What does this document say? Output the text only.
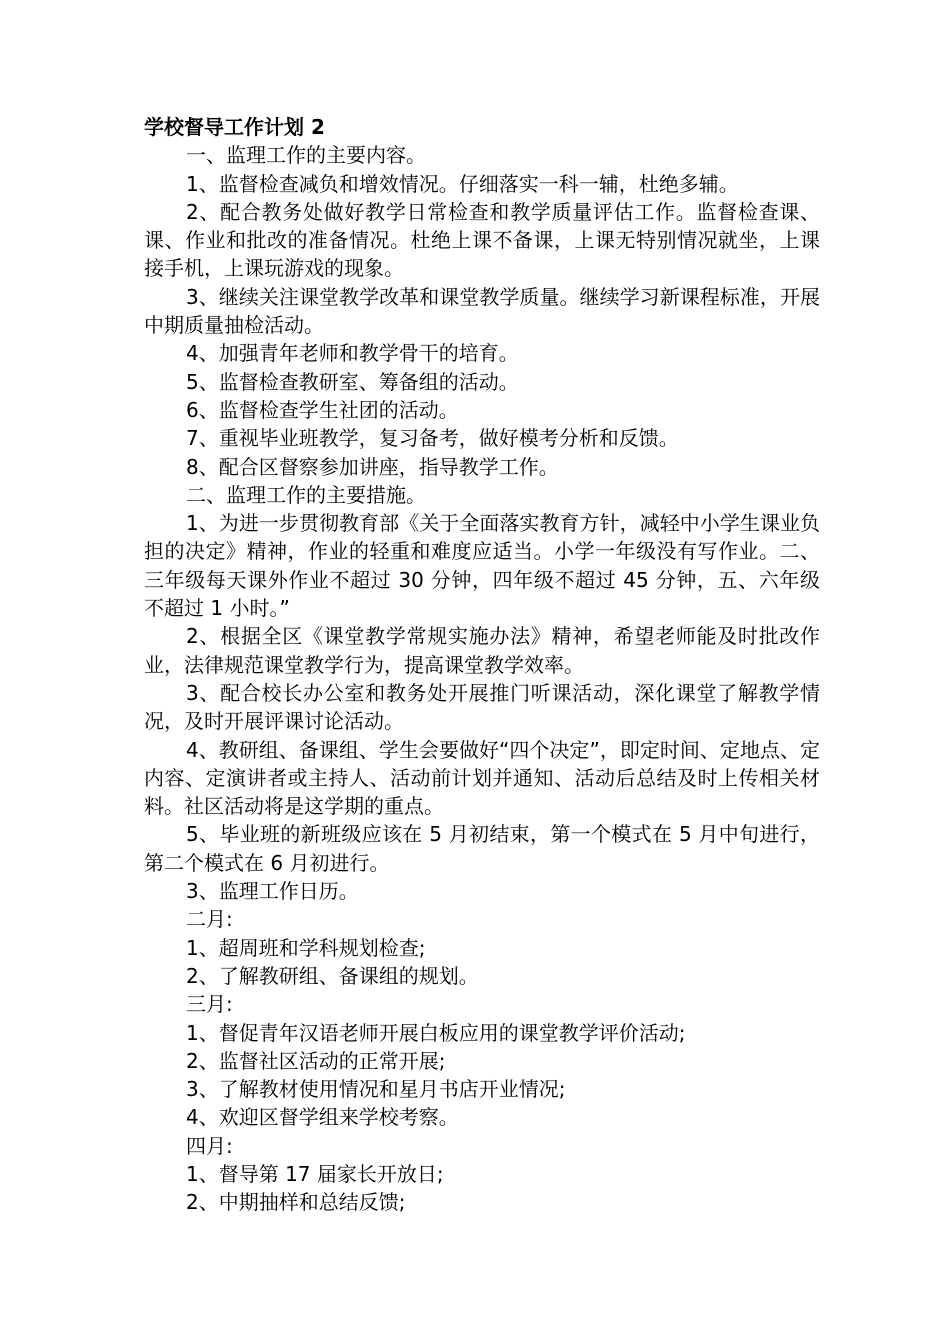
学校督导工作计划 2

一、监理工作的主要内容。

1、监督检查减负和增效情况。仔细落实一科一辅，杜绝多辅。

2、配合教务处做好教学日常检查和教学质量评估工作。监督检查课、课、作业和批改的准备情况。杜绝上课不备课，上课无特别情况就坐，上课接手机，上课玩游戏的现象。

3、继续关注课堂教学改革和课堂教学质量。继续学习新课程标准，开展中期质量抽检活动。

4、加强青年老师和教学骨干的培育。

5、监督检查教研室、筹备组的活动。

6、监督检查学生社团的活动。

7、重视毕业班教学，复习备考，做好模考分析和反馈。

8、配合区督察参加讲座，指导教学工作。

二、监理工作的主要措施。

1、为进一步贯彻教育部《关于全面落实教育方针，减轻中小学生课业负担的决定》精神，作业的轻重和难度应适当。小学一年级没有写作业。二、三年级每天课外作业不超过 30 分钟，四年级不超过 45 分钟，五、六年级不超过 1 小时。”

2、根据全区《课堂教学常规实施办法》精神，希望老师能及时批改作业，法律规范课堂教学行为，提高课堂教学效率。

3、配合校长办公室和教务处开展推门听课活动，深化课堂了解教学情况，及时开展评课讨论活动。

4、教研组、备课组、学生会要做好“四个决定”，即定时间、定地点、定内容、定演讲者或主持人、活动前计划并通知、活动后总结及时上传相关材料。社区活动将是这学期的重点。

5、毕业班的新班级应该在 5 月初结束，第一个模式在 5 月中旬进行，第二个模式在 6 月初进行。

3、监理工作日历。

二月:

1、超周班和学科规划检查;

2、了解教研组、备课组的规划。

三月:

1、督促青年汉语老师开展白板应用的课堂教学评价活动;

2、监督社区活动的正常开展;

3、了解教材使用情况和星月书店开业情况;

4、欢迎区督学组来学校考察。

四月:

1、督导第 17 届家长开放日;

2、中期抽样和总结反馈;
